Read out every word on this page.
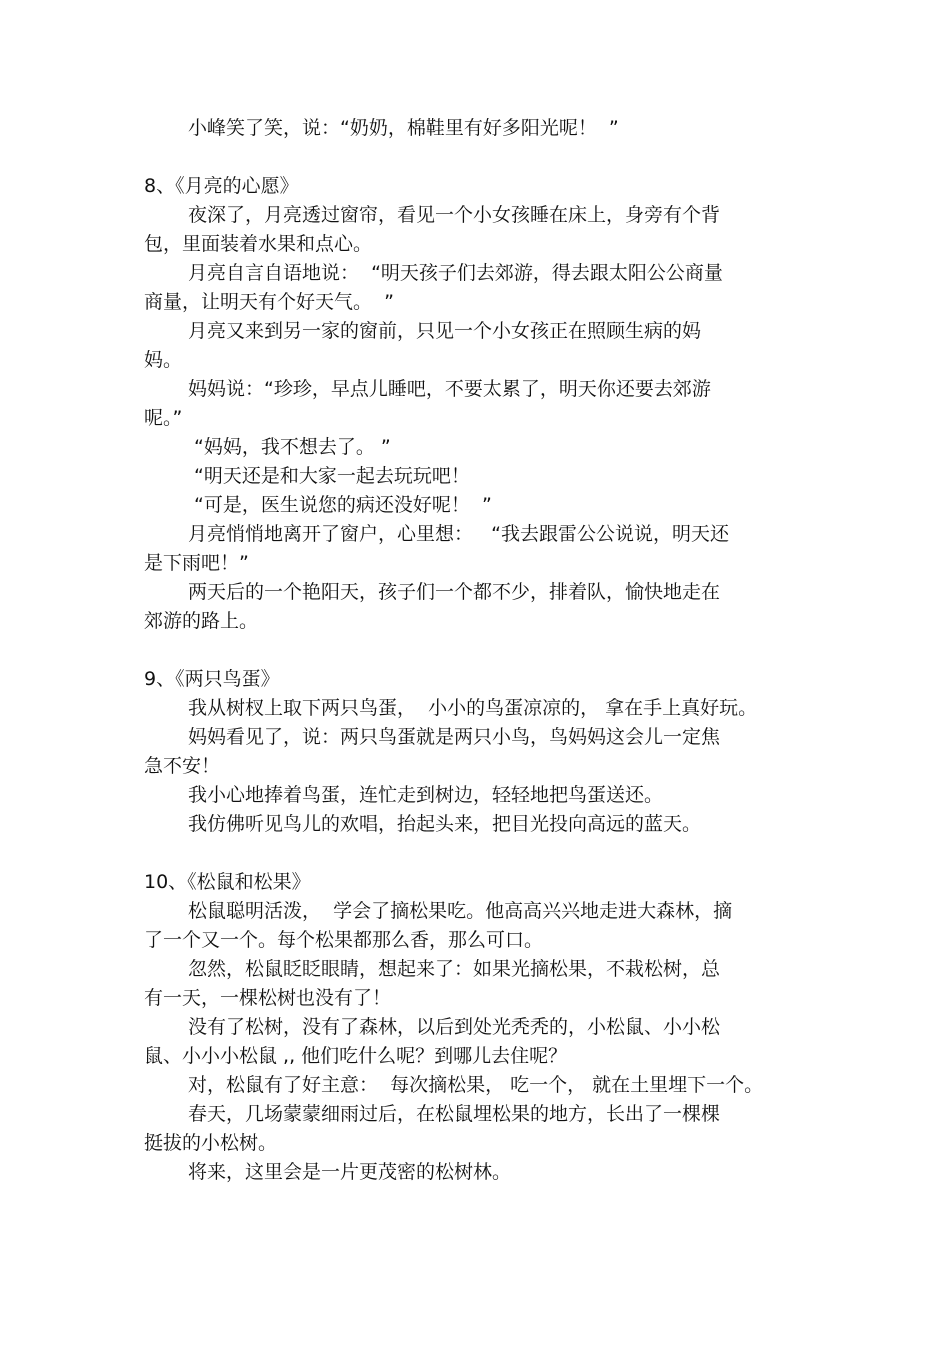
小峰笑了笑，说：“奶奶，棉鞋里有好多阳光呢！  ”

8、《月亮的心愿》

夜深了，月亮透过窗帘，看见一个小女孩睡在床上，身旁有个背
包，里面装着水果和点心。

月亮自言自语地说：  “明天孩子们去郊游，得去跟太阳公公商量
商量，让明天有个好天气。  ”

月亮又来到另一家的窗前，只见一个小女孩正在照顾生病的妈
妈。

妈妈说：“珍珍，早点儿睡吧，不要太累了，明天你还要去郊游
呢。”

“妈妈，我不想去了。 ”

“明天还是和大家一起去玩玩吧！

“可是，医生说您的病还没好呢！  ”

月亮悄悄地离开了窗户，心里想：   “我去跟雷公公说说，明天还
是下雨吧！”

两天后的一个艳阳天，孩子们一个都不少，排着队，愉快地走在
郊游的路上。

9、《两只鸟蛋》

我从树杈上取下两只鸟蛋，  小小的鸟蛋凉凉的， 拿在手上真好玩。

妈妈看见了，说：两只鸟蛋就是两只小鸟，鸟妈妈这会儿一定焦
急不安！

我小心地捧着鸟蛋，连忙走到树边，轻轻地把鸟蛋送还。

我仿佛听见鸟儿的欢唱，抬起头来，把目光投向高远的蓝天。

10、《松鼠和松果》

松鼠聪明活泼，  学会了摘松果吃。他高高兴兴地走进大森林，摘
了一个又一个。每个松果都那么香，那么可口。

忽然，松鼠眨眨眼睛，想起来了：如果光摘松果，不栽松树，总
有一天，一棵松树也没有了！

没有了松树，没有了森林，以后到处光秃秃的，小松鼠、小小松
鼠、小小小松鼠 ,, 他们吃什么呢？到哪儿去住呢？

对，松鼠有了好主意：  每次摘松果， 吃一个， 就在土里埋下一个。

春天，几场蒙蒙细雨过后，在松鼠埋松果的地方，长出了一棵棵
挺拔的小松树。

将来，这里会是一片更茂密的松树林。
